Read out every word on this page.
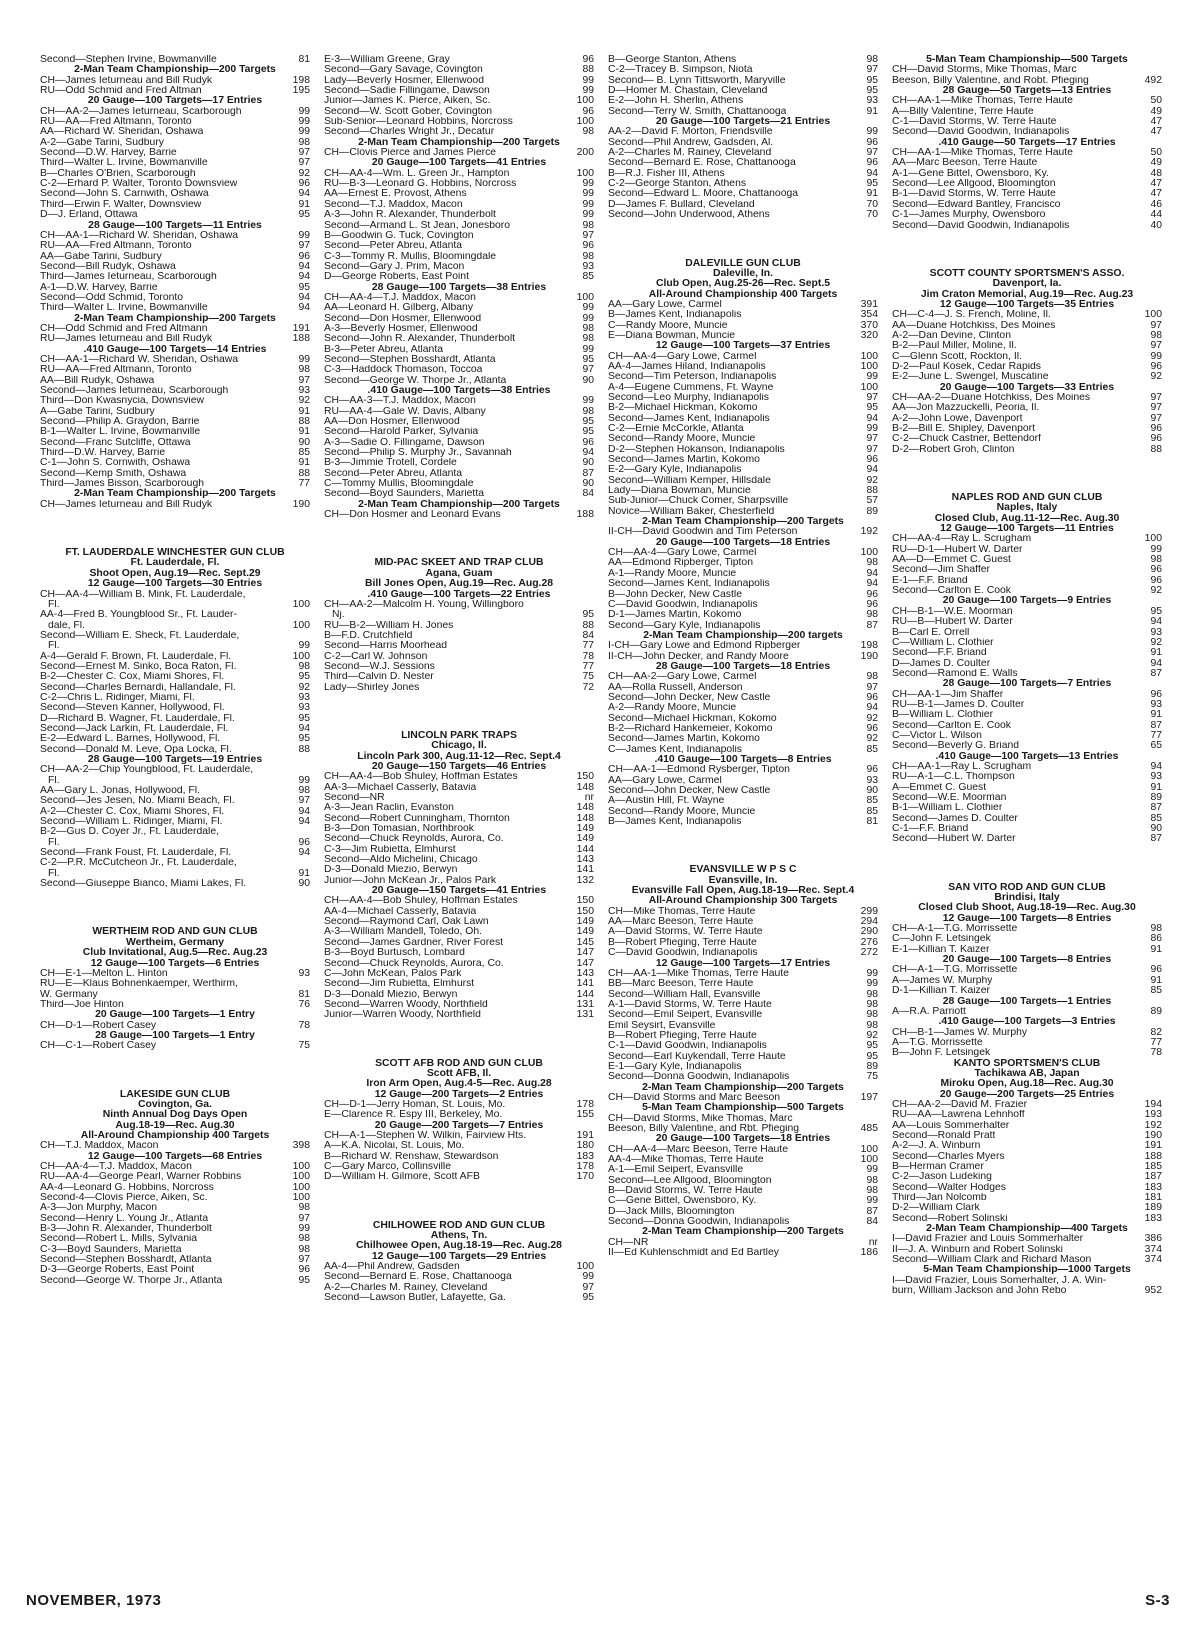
Second—Stephen Irvine, Bowmanville	81
2-Man Team Championship—200 Targets
CH—James Ieturneau and Bill Rudyk	198
RU—Odd Schmid and Fred Altman	195
20 Gauge—100 Targets—17 Entries
CH—AA-2—James Ieturneau, Scarborough	99
RU—AA—Fred Altmann, Toronto	99
AA—Richard W. Sheridan, Oshawa	99
A-2—Gabe Tarini, Sudbury	98
Second—D.W. Harvey, Barrie	97
Third—Walter L. Irvine, Bowmanville	97
B—Charles O'Brien, Scarborough	92
C-2—Erhard P. Walter, Toronto Downsview	96
Second—John S. Carnwith, Oshawa	94
Third—Erwin F. Walter, Downsview	91
D—J. Erland, Ottawa	95
28 Gauge—100 Targets—11 Entries
CH—AA-1—Richard W. Sheridan, Oshawa	99
RU—AA—Fred Altmann, Toronto	97
AA—Gabe Tarini, Sudbury	96
Second—Bill Rudyk, Oshawa	94
Third—James Ieturneau, Scarborough	94
A-1—D.W. Harvey, Barrie	95
Second—Odd Schmid, Toronto	94
Third—Walter L. Irvine, Bowmanville	94
2-Man Team Championship—200 Targets
CH—Odd Schmid and Fred Altmann	191
RU—James Ieturneau and Bill Rudyk	188
.410 Gauge—100 Targets—14 Entries
CH—AA-1—Richard W. Sheridan, Oshawa	99
RU—AA—Fred Altmann, Toronto	98
AA—Bill Rudyk, Oshawa	97
Second—James Ieturneau, Scarborough	93
Third—Don Kwasnycia, Downsview	92
A—Gabe Tarini, Sudbury	91
Second—Philip A. Graydon, Barrie	88
B-1—Walter L. Irvine, Bowmanville	91
Second—Franc Sutcliffe, Ottawa	90
Third—D.W. Harvey, Barrie	85
C-1—John S. Cornwith, Oshawa	91
Second—Kemp Smith, Oshawa	88
Third—James Bisson, Scarborough	77
2-Man Team Championship—200 Targets
CH—James Ieturneau and Bill Rudyk	190
FT. LAUDERDALE WINCHESTER GUN CLUB
Ft. Lauderdale, Fl.
Shoot Open, Aug.19—Rec. Sept.29
12 Gauge—100 Targets—30 Entries
CH—AA-4—William B. Mink, Ft. Lauderdale,
Fl.	100
AA-4—Fred B. Youngblood Sr., Ft. Lauder-
dale, Fl.	100
Second—William E. Sheck, Ft. Lauderdale,
Fl.	99
A-4—Gerald F. Brown, Ft. Lauderdale, Fl.	100
Second—Ernest M. Sinko, Boca Raton, Fl.	98
B-2—Chester C. Cox, Miami Shores, Fl.	95
Second—Charles Bernardi, Hallandale, Fl.	92
C-2—Chris L. Ridinger, Miami, Fl.	93
Second—Steven Kanner, Hollywood, Fl.	93
D—Richard B. Wagner, Ft. Lauderdale, Fl.	95
Second—Jack Larkin, Ft. Lauderdale, Fl.	94
E-2—Edward L. Barnes, Hollywood, Fl.	95
Second—Donald M. Leve, Opa Locka, Fl.	88
28 Gauge—100 Targets—19 Entries
CH—AA-2—Chip Youngblood, Ft. Lauderdale,
Fl.	99
AA—Gary L. Jonas, Hollywood, Fl.	98
Second—Jes Jesen, No. Miami Beach, Fl.	97
A-2—Chester C. Cox, Miami Shores, Fl.	94
Second—William L. Ridinger, Miami, Fl.	94
B-2—Gus D. Coyer Jr., Ft. Lauderdale,
Fl.	96
Second—Frank Foust, Ft. Lauderdale, Fl.	94
C-2—P.R. McCutcheon Jr., Ft. Lauderdale,
Fl.	91
Second—Giuseppe Bianco, Miami Lakes, Fl.	90
WERTHEIM ROD AND GUN CLUB
Wertheim, Germany
Club Invitational, Aug.5—Rec. Aug.23
12 Gauge—100 Targets—6 Entries
CH—E-1—Melton L. Hinton	93
RU—E—Klaus Bohnenkaemper, Werthirm,
W. Germany	81
Third—Joe Hinton	76
20 Gauge—100 Targets—1 Entry
CH—D-1—Robert Casey	78
28 Gauge—100 Targets—1 Entry
CH—C-1—Robert Casey	75
LAKESIDE GUN CLUB
Covington, Ga.
Ninth Annual Dog Days Open
Aug.18-19—Rec. Aug.30
All-Around Championship 400 Targets
CH—T.J. Maddox, Macon	398
12 Gauge—100 Targets—68 Entries
CH—AA-4—T.J. Maddox, Macon	100
RU—AA-4—George Pearl, Warner Robbins	100
AA-4—Leonard G. Hobbins, Norcross	100
Second-4—Clovis Pierce, Aiken, Sc.	100
A-3—Jon Murphy, Macon	98
Second—Henry L. Young Jr., Atlanta	97
B-3—John R. Alexander, Thunderbolt	99
Second—Robert L. Mills, Sylvania	98
C-3—Boyd Saunders, Marietta	98
Second—Stephen Bosshardt, Atlanta	97
D-3—George Roberts, East Point	96
Second—George W. Thorpe Jr., Atlanta	95
E-3—William Greene, Gray	96
Second—Gary Savage, Covington	88
Lady—Beverly Hosmer, Ellenwood	99
Second—Sadie Fillingame, Dawson	99
Junior—James K. Pierce, Aiken, Sc.	100
Second—W. Scott Gober, Covington	96
Sub-Senior—Leonard Hobbins, Norcross	100
Second—Charles Wright Jr., Decatur	98
2-Man Team Championship—200 Targets
CH—Clovis Pierce and James Pierce	200
20 Gauge—100 Targets—41 Entries
CH—AA-4—Wm. L. Green Jr., Hampton	100
RU—B-3—Leonard G. Hobbins, Norcross	99
AA—Ernest E. Provost, Athens	99
Second—T.J. Maddox, Macon	99
A-3—John R. Alexander, Thunderbolt	99
Second—Armand L. St Jean, Jonesboro	98
B—Goodwin G. Tuck, Covington	97
Second—Peter Abreu, Atlanta	96
C-3—Tommy R. Mullis, Bloomingdale	98
Second—Gary J. Prim, Macon	93
D—George Roberts, East Point	85
28 Gauge—100 Targets—38 Entries
CH—AA-4—T.J. Maddox, Macon	100
AA—Leonard H. Gilberg, Albany	99
Second—Don Hosmer, Ellenwood	99
A-3—Beverly Hosmer, Ellenwood	98
Second—John R. Alexander, Thunderbolt	98
B-3—Peter Abreu, Atlanta	99
Second—Stephen Bosshardt, Atlanta	95
C-3—Haddock Thomason, Toccoa	97
Second—George W. Thorpe Jr., Atlanta	90
.410 Gauge—100 Targets—38 Entries
CH—AA-3—T.J. Maddox, Macon	99
RU—AA-4—Gale W. Davis, Albany	98
AA—Don Hosmer, Ellenwood	95
Second—Harold Parker, Sylvania	95
A-3—Sadie O. Fillingame, Dawson	96
Second—Philip S. Murphy Jr., Savannah	94
B-3—Jimmie Trotell, Cordele	90
Second—Peter Abreu, Atlanta	87
C—Tommy Mullis, Bloomingdale	90
Second—Boyd Saunders, Marietta	84
2-Man Team Championship—200 Targets
CH—Don Hosmer and Leonard Evans	188
MID-PAC SKEET AND TRAP CLUB
Agana, Guam
Bill Jones Open, Aug.19—Rec. Aug.28
.410 Gauge—100 Targets—22 Entries
CH—AA-2—Malcolm H. Young, Willingboro
Nj.	95
RU—B-2—William H. Jones	88
B—F.D. Crutchfield	84
Second—Harris Moorhead	77
C-2—Carl W. Johnson	78
Second—W.J. Sessions	77
Third—Calvin D. Nester	75
Lady—Shirley Jones	72
LINCOLN PARK TRAPS
Chicago, Il.
Lincoln Park 300, Aug.11-12—Rec. Sept.4
20 Gauge—150 Targets—46 Entries
CH—AA-4—Bob Shuley, Hoffman Estates	150
AA-3—Michael Casserly, Batavia	148
Second—NR	nr
A-3—Jean Raclin, Evanston	148
Second—Robert Cunningham, Thornton	148
B-3—Don Tomasian, Northbrook	149
Second—Chuck Reynolds, Aurora, Co.	149
C-3—Jim Rubietta, Elmhurst	144
Second—Aldo Michelini, Chicago	143
D-3—Donald Miezio, Berwyn	141
Junior—John McKean Jr., Palos Park	132
20 Gauge—150 Targets—41 Entries
CH—AA-4—Bob Shuley, Hoffman Estates	150
AA-4—Michael Casserly, Batavia	150
Second—Raymond Carl, Oak Lawn	149
A-3—William Mandell, Toledo, Oh.	149
Second—James Gardner, River Forest	145
B-3—Boyd Burtusch, Lombard	147
Second—Chuck Reynolds, Aurora, Co.	147
C—John McKean, Palos Park	143
Second—Jim Rubietta, Elmhurst	141
D-3—Donald Miezio, Berwyn	144
Second—Warren Woody, Northfield	131
Junior—Warren Woody, Northfield	131
SCOTT AFB ROD AND GUN CLUB
Scott AFB, Il.
Iron Arm Open, Aug.4-5—Rec. Aug.28
12 Gauge—200 Targets—2 Entries
CH—D-1—Jerry Homan, St. Louis, Mo.	178
E—Clarence R. Espy III, Berkeley, Mo.	155
20 Gauge—200 Targets—7 Entries
CH—A-1—Stephen W. Wilkin, Fairview Hts.	191
A—K.A. Nicolai, St. Louis, Mo.	180
B—Richard W. Renshaw, Stewardson	183
C—Gary Marco, Collinsville	178
D—William H. Gilmore, Scott AFB	170
CHILHOWEE ROD AND GUN CLUB
Athens, Tn.
Chilhowee Open, Aug.18-19—Rec. Aug.28
12 Gauge—100 Targets—29 Entries
AA-4—Phil Andrew, Gadsden	100
Second—Bernard E. Rose, Chattanooga	99
A-2—Charles M. Rainey, Cleveland	97
Second—Lawson Butler, Lafayette, Ga.	95
B—George Stanton, Athens	98
C-2—Tracey B. Simpson, Niota	97
Second— B. Lynn Tittsworth, Maryville	95
D—Homer M. Chastain, Cleveland	95
E-2—John H. Sherlin, Athens	93
Second—Terry W. Smith, Chattanooga	91
20 Gauge—100 Targets—21 Entries
AA-2—David F. Morton, Friendsville	99
Second—Phil Andrew, Gadsden, Al.	96
A-2—Charles M. Rainey, Cleveland	97
Second—Bernard E. Rose, Chattanooga	96
B—R.J. Fisher III, Athens	94
C-2—George Stanton, Athens	95
Second—Edward L. Moore, Chattanooga	91
D—James F. Bullard, Cleveland	70
Second—John Underwood, Athens	70
DALEVILLE GUN CLUB
Daleville, In.
Club Open, Aug.25-26—Rec. Sept.5
All-Around Championship 400 Targets
AA—Gary Lowe, Carmel	391
B—James Kent, Indianapolis	354
C—Randy Moore, Muncie	370
E—Diana Bowman, Muncie	320
12 Gauge—100 Targets—37 Entries
CH—AA-4—Gary Lowe, Carmel	100
AA-4—James Hiland, Indianapolis	100
Second—Tim Peterson, Indianapolis	99
A-4—Eugene Cummens, Ft. Wayne	100
Second—Leo Murphy, Indianapolis	97
B-2—Michael Hickman, Kokomo	95
Second—James Kent, Indianapolis	94
C-2—Ernie McCorkle, Atlanta	99
Second—Randy Moore, Muncie	97
D-2—Stephen Hokanson, Indianapolis	97
Second—James Martin, Kokomo	96
E-2—Gary Kyle, Indianapolis	94
Second—William Kemper, Hillsdale	92
Lady—Diana Bowman, Muncie	88
Sub-Junior—Chuck Comer, Sharpsville	57
Novice—William Baker, Chesterfield	89
2-Man Team Championship—200 Targets
II-CH—David Goodwin and Tim Peterson	192
20 Gauge—100 Targets—18 Entries
CH—AA-4—Gary Lowe, Carmel	100
AA—Edmond Ripberger, Tipton	98
A-1—Randy Moore, Muncie	94
Second—James Kent, Indianapolis	94
B—John Decker, New Castle	96
C—David Goodwin, Indianapolis	96
D-1—James Martin, Kokomo	98
Second—Gary Kyle, Indianapolis	87
2-Man Team Championship—200 targets
I-CH—Gary Lowe and Edmond Ripberger	198
II-CH—John Decker, and Randy Moore	190
28 Gauge—100 Targets—18 Entries
CH—AA-2—Gary Lowe, Carmel	98
AA—Rolla Russell, Anderson	97
Second—John Decker, New Castle	96
A-2—Randy Moore, Muncie	94
Second—Michael Hickman, Kokomo	92
B-2—Richard Hankemeier, Kokomo	96
Second—James Martin, Kokomo	92
C—James Kent, Indianapolis	85
.410 Gauge—100 Targets—8 Entries
CH—AA-1—Edmond Rysberger, Tipton	96
AA—Gary Lowe, Carmel	93
Second—John Decker, New Castle	90
A—Austin Hill, Ft. Wayne	85
Second—Randy Moore, Muncie	85
B—James Kent, Indianapolis	81
EVANSVILLE W P S C
Evansville, In.
Evansville Fall Open, Aug.18-19—Rec. Sept.4
All-Around Championship 300 Targets
CH—Mike Thomas, Terre Haute	299
AA—Marc Beeson, Terre Haute	294
A—David Storms, W. Terre Haute	290
B—Robert Pfieging, Terre Haute	276
C—David Goodwin, Indianapolis	272
12 Gauge—100 Targets—17 Entries
CH—AA-1—Mike Thomas, Terre Haute	99
BB—Marc Beeson, Terre Haute	99
Second—William Hall, Evansville	98
A-1—David Storms, W. Terre Haute	98
Second—Emil Seipert, Evansville	98
Emil Seysirt, Evansville	98
B—Robert Pfieging, Terre Haute	92
C-1—David Goodwin, Indianapolis	95
Second—Earl Kuykendall, Terre Haute	95
E-1—Gary Kyle, Indianapolis	89
Second—Donna Goodwin, Indianapolis	75
2-Man Team Championship—200 Targets
CH—David Storms and Marc Beeson	197
5-Man Team Championship—500 Targets
CH—David Storms, Mike Thomas, Marc
Beeson, Billy Valentine, and Rbt. Pfieging	485
20 Gauge—100 Targets—18 Entries
CH—AA-4—Marc Beeson, Terre Haute	100
AA-4—Mike Thomas, Terre Haute	100
A-1—Emil Seipert, Evansville	99
Second—Lee Allgood, Bloomington	98
B—David Storms, W. Terre Haute	98
C—Gene Bittel, Owensboro, Ky.	99
D—Jack Mills, Bloomington	87
Second—Donna Goodwin, Indianapolis	84
2-Man Team Championship—200 Targets
CH—NR	nr
II—Ed Kuhlenschmidt and Ed Bartley	186
5-Man Team Championship—500 Targets
CH—David Storms, Mike Thomas, Marc
Beeson, Billy Valentine, and Robt. Pfieging	492
28 Gauge—50 Targets—13 Entries
CH—AA-1—Mike Thomas, Terre Haute	50
A—Billy Valentine, Terre Haute	49
C-1—David Storms, W. Terre Haute	47
Second—David Goodwin, Indianapolis	47
.410 Gauge—50 Targets—17 Entries
CH—AA-1—Mike Thomas, Terre Haute	50
AA—Marc Beeson, Terre Haute	49
A-1—Gene Bittel, Owensboro, Ky.	48
Second—Lee Allgood, Bloomington	47
B-1—David Storms, W. Terre Haute	47
Second—Edward Bantley, Francisco	46
C-1—James Murphy, Owensboro	44
Second—David Goodwin, Indianapolis	40
SCOTT COUNTY SPORTSMEN'S ASSO.
Davenport, Ia.
Jim Craton Memorial, Aug.19—Rec. Aug.23
12 Gauge—100 Targets—35 Entries
CH—C-4—J. S. French, Moline, Il.	100
AA—Duane Hotchkiss, Des Moines	97
A-2—Dan Devine, Clinton	98
B-2—Paul Miller, Moline, Il.	97
C—Glenn Scott, Rockton, Il.	99
D-2—Paul Kosek, Cedar Rapids	96
E-2—June L. Swengel, Muscatine	92
20 Gauge—100 Targets—33 Entries
CH—AA-2—Duane Hotchkiss, Des Moines	97
AA—Jon Mazzuckelli, Peoria, Il.	97
A-2—John Lowe, Davenport	97
B-2—Bill E. Shipley, Davenport	96
C-2—Chuck Castner, Bettendorf	96
D-2—Robert Groh, Clinton	88
NAPLES ROD AND GUN CLUB
Naples, Italy
Closed Club, Aug.11-12—Rec. Aug.30
12 Gauge—100 Targets—11 Entries
CH—AA-4—Ray L. Scrugham	100
RU—D-1—Hubert W. Darter	99
AA—D—Emmet C. Guest	98
Second—Jim Shaffer	96
E-1—F.F. Briand	96
Second—Carlton E. Cook	92
20 Gauge—100 Targets—9 Entries
CH—B-1—W.E. Moorman	95
RU—B—Hubert W. Darter	94
B—Carl E. Orrell	93
C—William L. Clothier	92
Second—F.F. Briand	91
D—James D. Coulter	94
Second—Ramond E. Walls	87
28 Gauge—100 Targets—7 Entries
CH—AA-1—Jim Shaffer	96
RU—B-1—James D. Coulter	93
B—William L. Clothier	91
Second—Carlton E. Cook	87
C—Victor L. Wilson	77
Second—Beverly G. Briand	65
.410 Gauge—100 Targets—13 Entries
CH—AA-1—Ray L. Scrugham	94
RU—A-1—C.L. Thompson	93
A—Emmet C. Guest	91
Second—W.E. Moorman	89
B-1—William L. Clothier	87
Second—James D. Coulter	85
C-1—F.F. Briand	90
Second—Hubert W. Darter	87
SAN VITO ROD AND GUN CLUB
Brindisi, Italy
Closed Club Shoot, Aug.18-19—Rec. Aug.30
12 Gauge—100 Targets—8 Entries
CH—A-1—T.G. Morrissette	98
C—John F. Letsingek	86
E-1—Killian T. Kaizer	91
20 Gauge—100 Targets—8 Entries
CH—A-1—T.G. Morrissette	96
A—James W. Murphy	91
D-1—Killian T. Kaizer	85
28 Gauge—100 Targets—1 Entries
A—R.A. Parriott	89
.410 Gauge—100 Targets—3 Entries
CH—B-1—James W. Murphy	82
A—T.G. Morrissette	77
B—John F. Letsingek	78
KANTO SPORTSMEN'S CLUB
Tachikawa AB, Japan
Miroku Open, Aug.18—Rec. Aug.30
20 Gauge—200 Targets—25 Entries
CH—AA-2—David M. Frazier	194
RU—AA—Lawrena Lehnhoff	193
AA—Louis Sommerhalter	192
Second—Ronald Pratt	190
A-2—J. A. Winburn	191
Second—Charles Myers	188
B—Herman Cramer	185
C-2—Jason Ludeking	187
Second—Walter Hodges	183
Third—Jan Nolcomb	181
D-2—William Clark	189
Second—Robert Solinski	183
2-Man Team Championship—400 Targets
I—David Frazier and Louis Sommerhalter	386
II—J. A. Winburn and Robert Solinski	374
Second—William Clark and Richard Mason	374
5-Man Team Championship—1000 Targets
I—David Frazier, Louis Somerhalter, J. A. Win-
burn, William Jackson and John Rebo	952
NOVEMBER, 1973	S-3
